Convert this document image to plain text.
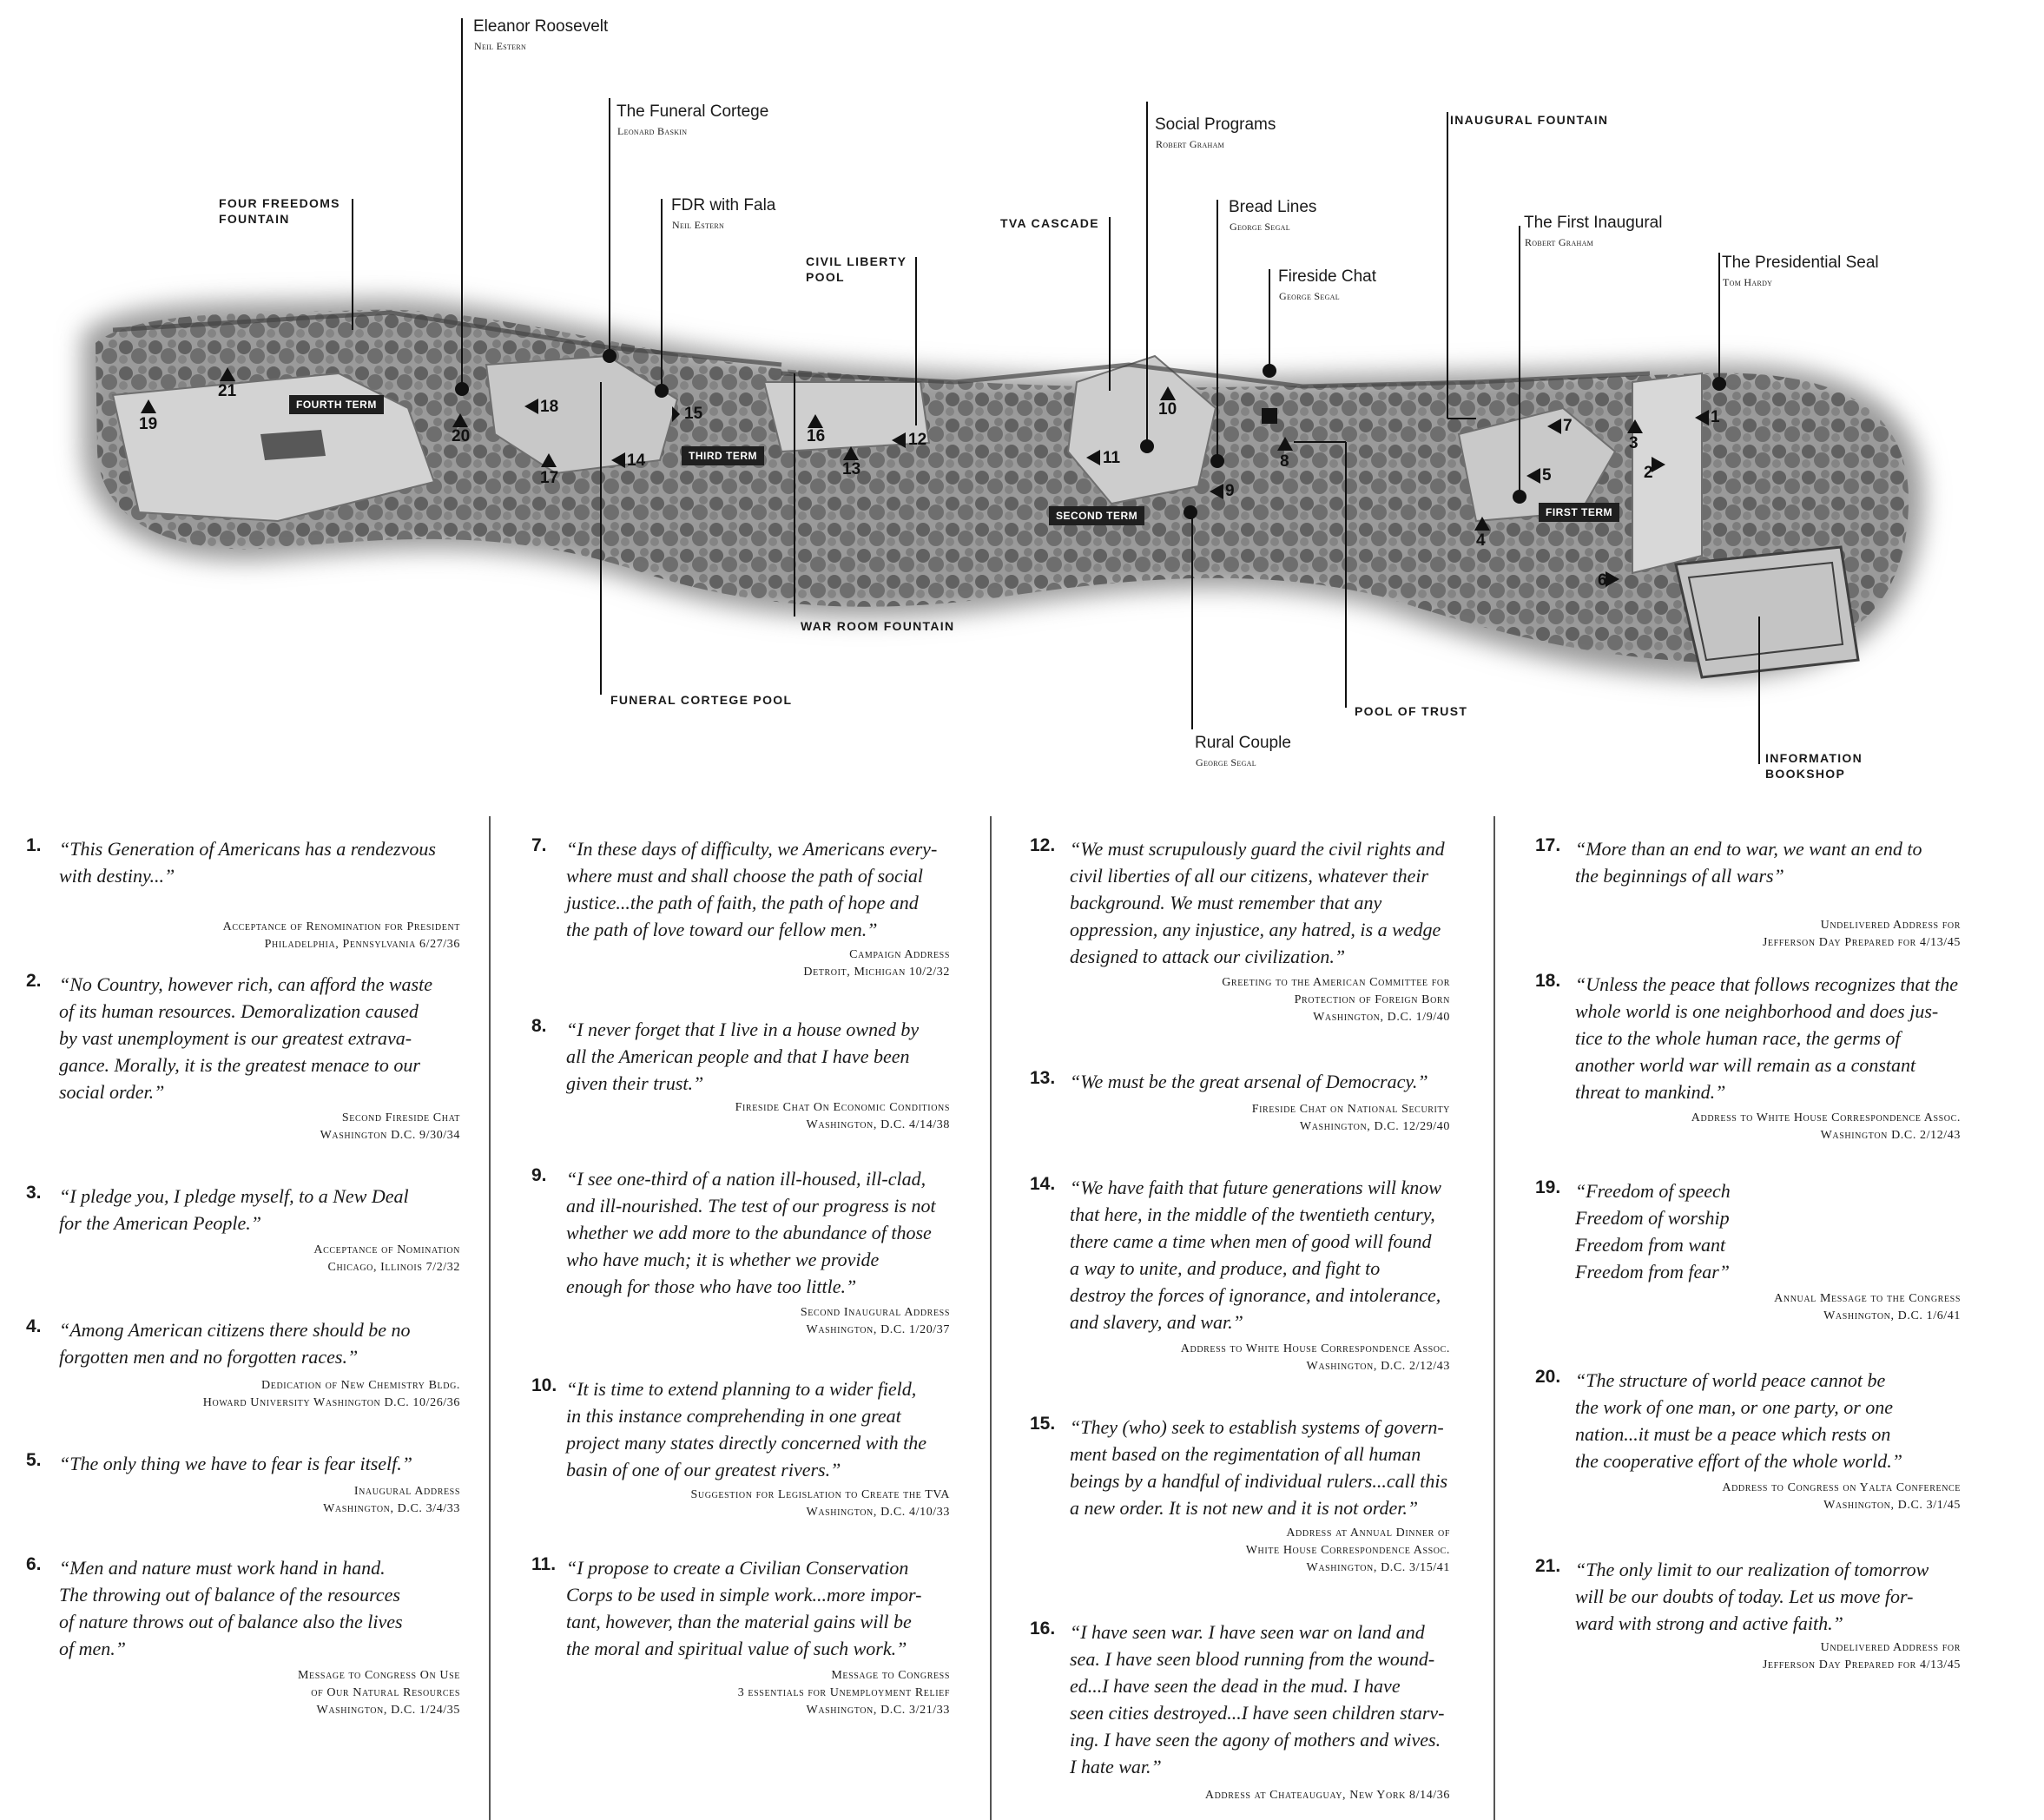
Eleanor Roosevelt
Neil Estern
The Funeral Cortege
Leonard Baskin
FDR with Fala
Neil Estern
Social Programs
Robert Graham
Bread Lines
George Segal
Fireside Chat
George Segal
The First Inaugural
Robert Graham
The Presidential Seal
Tom Hardy
Rural Couple
George Segal
FOUR FREEDOMS
FOUNTAIN
CIVIL LIBERTY
POOL
TVA CASCADE
INAUGURAL FOUNTAIN
WAR ROOM FOUNTAIN
FUNERAL CORTEGE POOL
POOL OF TRUST
INFORMATION
BOOKSHOP
FOURTH TERM
THIRD TERM
SECOND TERM	FIRST TERM
1
2
3
4
5
6
7
8
9
10
11
12
13
14
15
16
17
18
19
20
21
1. “This Generation of Americans has a rendezvous
with destiny...”
Acceptance of Renomination for President
Philadelphia, Pennsylvania 6/27/36
2. “No Country, however rich, can afford the waste
of its human resources. Demoralization caused
by vast unemployment is our greatest extrava-
gance. Morally, it is the greatest menace to our
social order.”
Second Fireside Chat
Washington D.C. 9/30/34
3. “I pledge you, I pledge myself, to a New Deal
for the American People.”
Acceptance of Nomination
Chicago, Illinois 7/2/32
4. “Among American citizens there should be no
forgotten men and no forgotten races.”
Dedication of New Chemistry Bldg.
Howard University Washington D.C. 10/26/36
5. “The only thing we have to fear is fear itself.”
Inaugural Address
Washington, D.C. 3/4/33
6. “Men and nature must work hand in hand.
The throwing out of balance of the resources
of nature throws out of balance also the lives
of men.”
Message to Congress On Use
of Our Natural Resources
Washington, D.C. 1/24/35
7. “In these days of difficulty, we Americans every-
where must and shall choose the path of social
justice...the path of faith, the path of hope and
the path of love toward our fellow men.”
Campaign Address
Detroit, Michigan 10/2/32
8. “I never forget that I live in a house owned by
all the American people and that I have been
given their trust.”
Fireside Chat On Economic Conditions
Washington, D.C. 4/14/38
9. “I see one-third of a nation ill-housed, ill-clad,
and ill-nourished. The test of our progress is not
whether we add more to the abundance of those
who have much; it is whether we provide
enough for those who have too little.”
Second Inaugural Address
Washington, D.C. 1/20/37
10. “It is time to extend planning to a wider field,
in this instance comprehending in one great
project many states directly concerned with the
basin of one of our greatest rivers.”
Suggestion for Legislation to Create the TVA
Washington, D.C. 4/10/33
11. “I propose to create a Civilian Conservation
Corps to be used in simple work...more impor-
tant, however, than the material gains will be
the moral and spiritual value of such work.”
Message to Congress
3 essentials for Unemployment Relief
Washington, D.C. 3/21/33
12. “We must scrupulously guard the civil rights and
civil liberties of all our citizens, whatever their
background. We must remember that any
oppression, any injustice, any hatred, is a wedge
designed to attack our civilization.”
Greeting to the American Committee for
Protection of Foreign Born
Washington, D.C. 1/9/40
13. “We must be the great arsenal of Democracy.”
Fireside Chat on National Security
Washington, D.C. 12/29/40
14. “We have faith that future generations will know
that here, in the middle of the twentieth century,
there came a time when men of good will found
a way to unite, and produce, and fight to
destroy the forces of ignorance, and intolerance,
and slavery, and war.”
Address to White House Correspondence Assoc.
Washington, D.C. 2/12/43
15. “They (who) seek to establish systems of govern-
ment based on the regimentation of all human
beings by a handful of individual rulers...call this
a new order. It is not new and it is not order.”
Address at Annual Dinner of
White House Correspondence Assoc.
Washington, D.C. 3/15/41
16. “I have seen war. I have seen war on land and
sea. I have seen blood running from the wound-
ed...I have seen the dead in the mud. I have
seen cities destroyed...I have seen children starv-
ing. I have seen the agony of mothers and wives.
I hate war.”
Address at Chateauguay, New York 8/14/36
17. “More than an end to war, we want an end to
the beginnings of all wars”
Undelivered Address for
Jefferson Day Prepared for 4/13/45
18. “Unless the peace that follows recognizes that the
whole world is one neighborhood and does jus-
tice to the whole human race, the germs of
another world war will remain as a constant
threat to mankind.”
Address to White House Correspondence Assoc.
Washington D.C. 2/12/43
19. “Freedom of speech
Freedom of worship
Freedom from want
Freedom from fear”
Annual Message to the Congress
Washington, D.C. 1/6/41
20. “The structure of world peace cannot be
the work of one man, or one party, or one
nation...it must be a peace which rests on
the cooperative effort of the whole world.”
Address to Congress on Yalta Conference
Washington, D.C. 3/1/45
21. “The only limit to our realization of tomorrow
will be our doubts of today. Let us move for-
ward with strong and active faith.”
Undelivered Address for
Jefferson Day Prepared for 4/13/45
